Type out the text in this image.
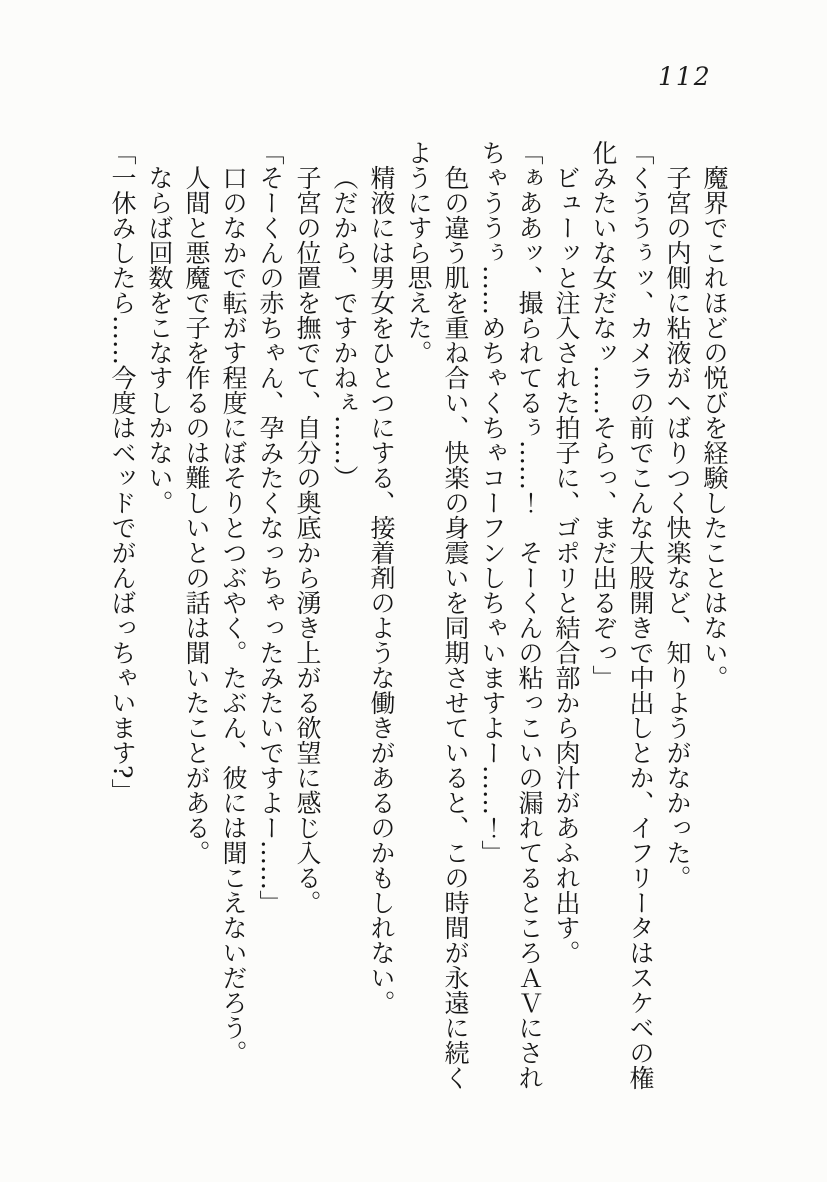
112

魔界でこれほどの悦びを経験したことはない。

子宮の内側に粘液がへばりつく快楽など、知りようがなかった。

「くううぅッ、カメラの前でこんな大股開きで中出しとか、イフリータはスケベの権化みたいな女だなッ……そらっ、まだ出るぞっ」

ビューッと注入された拍子に、ゴポリと結合部から肉汁があふれ出す。

「ぁああッ、撮られてるぅ……！　そーくんの粘っこいの漏れてるところＡＶにされちゃううぅ……めちゃくちゃコーフンしちゃいますよー……！」

色の違う肌を重ね合い、快楽の身震いを同期させていると、この時間が永遠に続くようにすら思えた。

精液には男女をひとつにする、接着剤のような働きがあるのかもしれない。

（だから、ですかねぇ……）

子宮の位置を撫でて、自分の奥底から湧き上がる欲望に感じ入る。

「そーくんの赤ちゃん、孕みたくなっちゃったみたいですよー……」

口のなかで転がす程度にぼそりとつぶやく。たぶん、彼には聞こえないだろう。

人間と悪魔で子を作るのは難しいとの話は聞いたことがある。

ならば回数をこなすしかない。

「一休みしたら……今度はベッドでがんばっちゃいます?」
